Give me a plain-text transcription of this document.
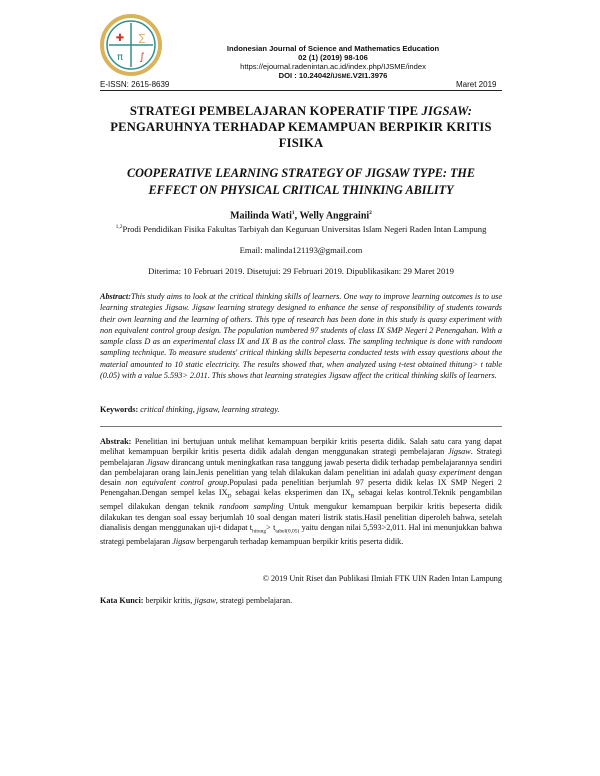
✚ ∑
π ∫
Indonesian Journal of Science and Mathematics Education
02 (1) (2019) 98-106
https://ejournal.radenintan.ac.id/index.php/IJSME/index
DOI : 10.24042/IJSME.V2I1.3976
E-ISSN: 2615-8639	Maret 2019
STRATEGI PEMBELAJARAN KOPERATIF TIPE JIGSAW:
PENGARUHNYA TERHADAP KEMAMPUAN BERPIKIR KRITIS
FISIKA
COOPERATIVE LEARNING STRATEGY OF JIGSAW TYPE: THE
EFFECT ON PHYSICAL CRITICAL THINKING ABILITY
Mailinda Wati$^1$, Welly Anggraini$^2$
$^{1,2}$Prodi Pendidikan Fisika Fakultas Tarbiyah dan Keguruan Universitas Islam Negeri Raden Intan Lampung
Email: malinda121193@gmail.com
Diterima: 10 Februari 2019. Disetujui: 29 Februari 2019. Dipublikasikan: 29 Maret 2019
Abstract:This study aims to look at the critical thinking skills of learners. One way to improve learning outcomes is to use learning strategies Jigsaw. Jigsaw learning strategy designed to enhance the sense of responsibility of students towards their own learning and the learning of others. This type of research has been done in this study is quasy experiment with non equivalent control group design. The population numbered 97 students of class IX SMP Negeri 2 Penengahan. With a sample class D as an experimental class IX and IX B as the control class. The sampling technique is done with randoom sampling technique. To measure students' critical thinking skills bepeserta conducted tests with essay questions about the material amounted to 10 static electricity. The results showed that, when analyzed using t-test obtained thitung> t table (0.05) with a value 5.593> 2.011. This shows that learning strategies Jigsaw affect the critical thinking skills of learners.
Keywords: critical thinking, jigsaw, learning strategy.
Abstrak: Penelitian ini bertujuan untuk melihat kemampuan berpikir kritis peserta didik. Salah satu cara yang dapat melihat kemampuan berpikir kritis peserta didik adalah dengan menggunakan strategi pembelajaran Jigsaw. Strategi pembelajaran Jigsaw dirancang untuk meningkatkan rasa tanggung jawab peserta didik terhadap pembelajarannya sendiri dan pembelajaran orang lain.Jenis penelitian yang telah dilakukan dalam penelitian ini adalah quasy experiment dengan desain non equivalent control group.Populasi pada penelitian berjumlah 97 peserta didik kelas IX SMP Negeri 2 Penengahan.Dengan sempel kelas $IX_D$ sebagai kelas eksperimen dan $IX_B$ sebagai kelas kontrol.Teknik pengambilan sempel dilakukan dengan teknik randoom sampling Untuk mengukur kemampuan berpikir kritis bepeserta didik dilakukan tes dengan soal essay berjumlah 10 soal dengan materi listrik statis.Hasil penelitian diperoleh bahwa, setelah dianalisis dengan menggunakan uji-t didapat $t_{hitung}> t_{tabel(0,05)}$ yaitu dengan nilai 5,593>2,011. Hal ini menunjukkan bahwa strategi pembelajaran Jigsaw berpengaruh terhadap kemampuan berpikir kritis peserta didik.
© 2019 Unit Riset dan Publikasi Ilmiah FTK UIN Raden Intan Lampung
Kata Kunci: berpikir kritis, jigsaw, strategi pembelajaran.
